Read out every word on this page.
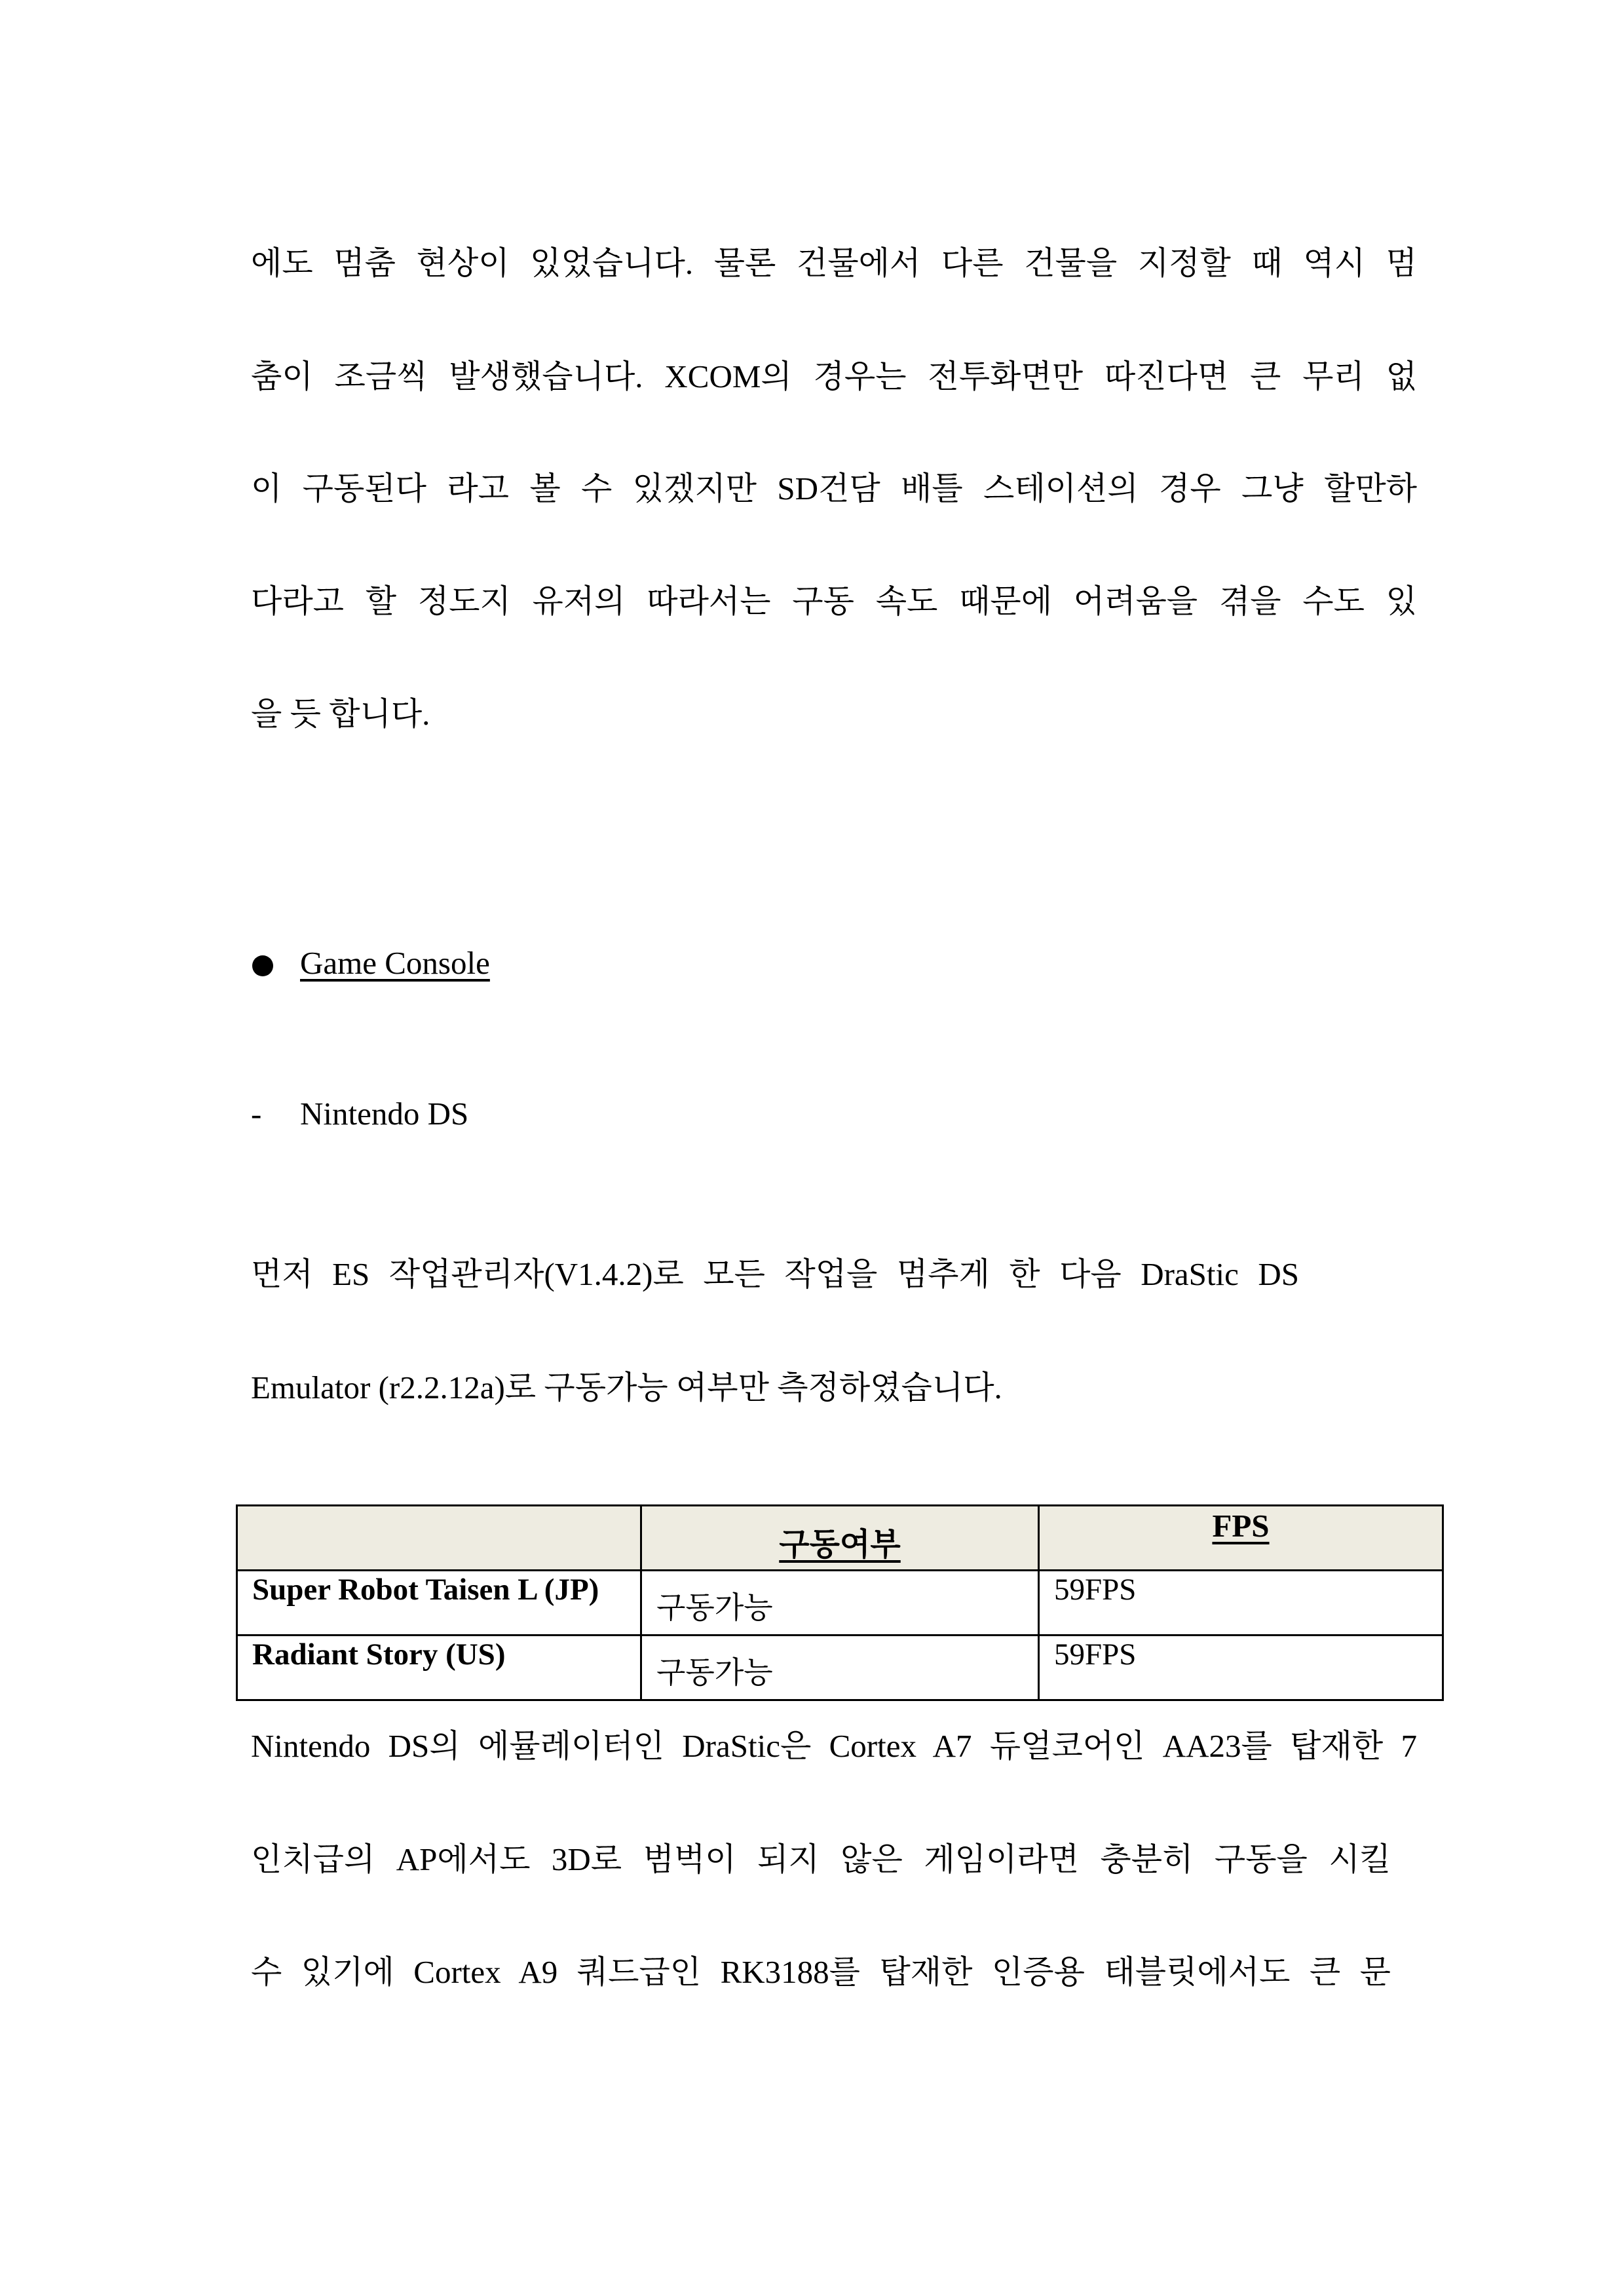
에도 멈춤 현상이 있었습니다. 물론 건물에서 다른 건물을 지정할 때 역시 멈
춤이 조금씩 발생했습니다. XCOM의 경우는 전투화면만 따진다면 큰 무리 없
이 구동된다 라고 볼 수 있겠지만 SD건담 배틀 스테이션의 경우 그냥 할만하
다라고 할 정도지 유저의 따라서는 구동 속도 때문에 어려움을 겪을 수도 있
을 듯 합니다.
Game Console
- Nintendo DS
먼저 ES 작업관리자(V1.4.2)로 모든 작업을 멈추게 한 다음 DraStic DS
Emulator (r2.2.12a)로 구동가능 여부만 측정하였습니다.
	구동여부	FPS
Super Robot Taisen L (JP)	구동가능	59FPS
Radiant Story (US)	구동가능	59FPS
Nintendo DS의 에뮬레이터인 DraStic은 Cortex A7 듀얼코어인 AA23를 탑재한 7
인치급의 AP에서도 3D로 범벅이 되지 않은 게임이라면 충분히 구동을 시킬
수 있기에 Cortex A9 쿼드급인 RK3188를 탑재한 인증용 태블릿에서도 큰 문
